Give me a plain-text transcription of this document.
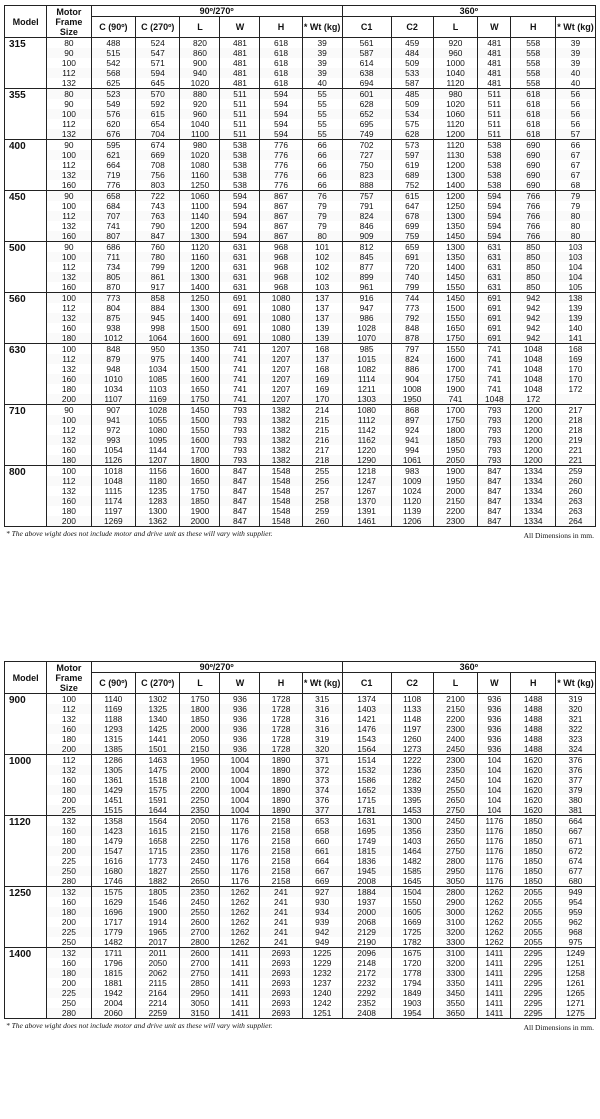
Model	Motor Frame Size	90º/270º						360º					
		C (90º)	C (270º)	L	W	H	* Wt (kg)	C1	C2	L	W	H	* Wt (kg)
315	80	488	524	820	481	618	39	561	459	920	481	558	39
	90	515	547	860	481	618	39	587	484	960	481	558	39
	100	542	571	900	481	618	39	614	509	1000	481	558	39
	112	568	594	940	481	618	39	638	533	1040	481	558	40
	132	625	645	1020	481	618	40	694	587	1120	481	558	40
355	80	523	570	880	511	594	55	601	485	980	511	618	56
	90	549	592	920	511	594	55	628	509	1020	511	618	56
	100	576	615	960	511	594	55	652	534	1060	511	618	56
	112	620	654	1040	511	594	55	695	575	1120	511	618	56
	132	676	704	1100	511	594	55	749	628	1200	511	618	57
400	90	595	674	980	538	776	66	702	573	1120	538	690	66
	100	621	669	1020	538	776	66	727	597	1130	538	690	67
	112	664	708	1080	538	776	66	750	619	1200	538	690	67
	132	719	756	1160	538	776	66	823	689	1300	538	690	67
	160	776	803	1250	538	776	66	888	752	1400	538	690	68
450	90	658	722	1060	594	867	76	757	615	1200	594	766	79
	100	684	743	1100	594	867	79	791	647	1250	594	766	79
	112	707	763	1140	594	867	79	824	678	1300	594	766	80
	132	741	790	1200	594	867	79	846	699	1350	594	766	80
	160	807	847	1300	594	867	80	909	759	1450	594	766	80
500	90	686	760	1120	631	968	101	812	659	1300	631	850	103
	100	711	780	1160	631	968	102	845	691	1350	631	850	103
	112	734	799	1200	631	968	102	877	720	1400	631	850	104
	132	805	861	1300	631	968	102	899	740	1450	631	850	104
	160	870	917	1400	631	968	103	961	799	1550	631	850	105
560	100	773	858	1250	691	1080	137	916	744	1450	691	942	138
	112	804	884	1300	691	1080	137	947	773	1500	691	942	139
	132	875	945	1400	691	1080	137	986	792	1550	691	942	139
	160	938	998	1500	691	1080	139	1028	848	1650	691	942	140
	180	1012	1064	1600	691	1080	139	1070	878	1750	691	942	141
630	100	848	950	1350	741	1207	168	985	797	1550	741	1048	168
	112	879	975	1400	741	1207	137	1015	824	1600	741	1048	169
	132	948	1034	1500	741	1207	168	1082	886	1700	741	1048	170
	160	1010	1085	1600	741	1207	169	1114	904	1750	741	1048	170
	180	1034	1103	1650	741	1207	169	1211	1008	1900	741	1048	172
	200	1107	1169	1750	741	1207	170	1303	1950	741	1048	172	
710	90	907	1028	1450	793	1382	214	1080	868	1700	793	1200	217
	100	941	1055	1500	793	1382	215	1112	897	1750	793	1200	218
	112	972	1080	1550	793	1382	215	1142	924	1800	793	1200	218
	132	993	1095	1600	793	1382	216	1162	941	1850	793	1200	219
	160	1054	1144	1700	793	1382	217	1220	994	1950	793	1200	221
	180	1126	1207	1800	793	1382	218	1290	1061	2050	793	1200	221
800	100	1018	1156	1600	847	1548	255	1218	983	1900	847	1334	259
	112	1048	1180	1650	847	1548	256	1247	1009	1950	847	1334	260
	132	1115	1235	1750	847	1548	257	1267	1024	2000	847	1334	260
	160	1174	1283	1850	847	1548	258	1370	1120	2150	847	1334	263
	180	1197	1300	1900	847	1548	259	1391	1139	2200	847	1334	263
	200	1269	1362	2000	847	1548	260	1461	1206	2300	847	1334	264
* The above wight does not include motor and drive unit as these will vary with supplier.	All Dimensions in mm.
Model	Motor Frame Size	90º/270º						360º					
		C (90º)	C (270º)	L	W	H	* Wt (kg)	C1	C2	L	W	H	* Wt (kg)
900	100	1140	1302	1750	936	1728	315	1374	1108	2100	936	1488	319
	112	1169	1325	1800	936	1728	316	1403	1133	2150	936	1488	320
	132	1188	1340	1850	936	1728	316	1421	1148	2200	936	1488	321
	160	1293	1425	2000	936	1728	316	1476	1197	2300	936	1488	322
	180	1315	1441	2050	936	1728	319	1543	1260	2400	936	1488	323
	200	1385	1501	2150	936	1728	320	1564	1273	2450	936	1488	324
1000	112	1286	1463	1950	1004	1890	371	1514	1222	2300	104	1620	376
	132	1305	1475	2000	1004	1890	372	1532	1236	2350	104	1620	376
	160	1361	1518	2100	1004	1890	373	1586	1282	2450	104	1620	377
	180	1429	1575	2200	1004	1890	374	1652	1339	2550	104	1620	379
	200	1451	1591	2250	1004	1890	376	1715	1395	2650	104	1620	380
	225	1515	1644	2350	1004	1890	377	1781	1453	2750	104	1620	381
1120	132	1358	1564	2050	1176	2158	653	1631	1300	2450	1176	1850	664
	160	1423	1615	2150	1176	2158	658	1695	1356	2350	1176	1850	667
	180	1479	1658	2250	1176	2158	660	1749	1403	2650	1176	1850	671
	200	1547	1715	2350	1176	2158	661	1815	1464	2750	1176	1850	672
	225	1616	1773	2450	1176	2158	664	1836	1482	2800	1176	1850	674
	250	1680	1827	2550	1176	2158	667	1945	1585	2950	1176	1850	677
	280	1746	1882	2650	1176	2158	669	2008	1645	3050	1176	1850	680
1250	132	1575	1805	2350	1262	241	927	1884	1504	2800	1262	2055	949
	160	1629	1546	2450	1262	241	930	1937	1550	2900	1262	2055	954
	180	1696	1900	2550	1262	241	934	2000	1605	3000	1262	2055	959
	200	1717	1914	2600	1262	241	939	2068	1669	3100	1262	2055	962
	225	1779	1965	2700	1262	241	942	2129	1725	3200	1262	2055	968
	250	1482	2017	2800	1262	241	949	2190	1782	3300	1262	2055	975
1400	132	1711	2011	2600	1411	2693	1225	2096	1675	3100	1411	2295	1249
	160	1796	2050	2700	1411	2693	1229	2148	1720	3200	1411	2295	1251
	180	1815	2062	2750	1411	2693	1232	2172	1778	3300	1411	2295	1258
	200	1881	2115	2850	1411	2693	1237	2232	1794	3350	1411	2295	1261
	225	1942	2164	2950	1411	2693	1240	2292	1849	3450	1411	2295	1265
	250	2004	2214	3050	1411	2693	1242	2352	1903	3550	1411	2295	1271
	280	2060	2259	3150	1411	2693	1251	2408	1954	3650	1411	2295	1275
* The above wight does not include motor and drive unit as these will vary with supplier.	All Dimensions in mm.
